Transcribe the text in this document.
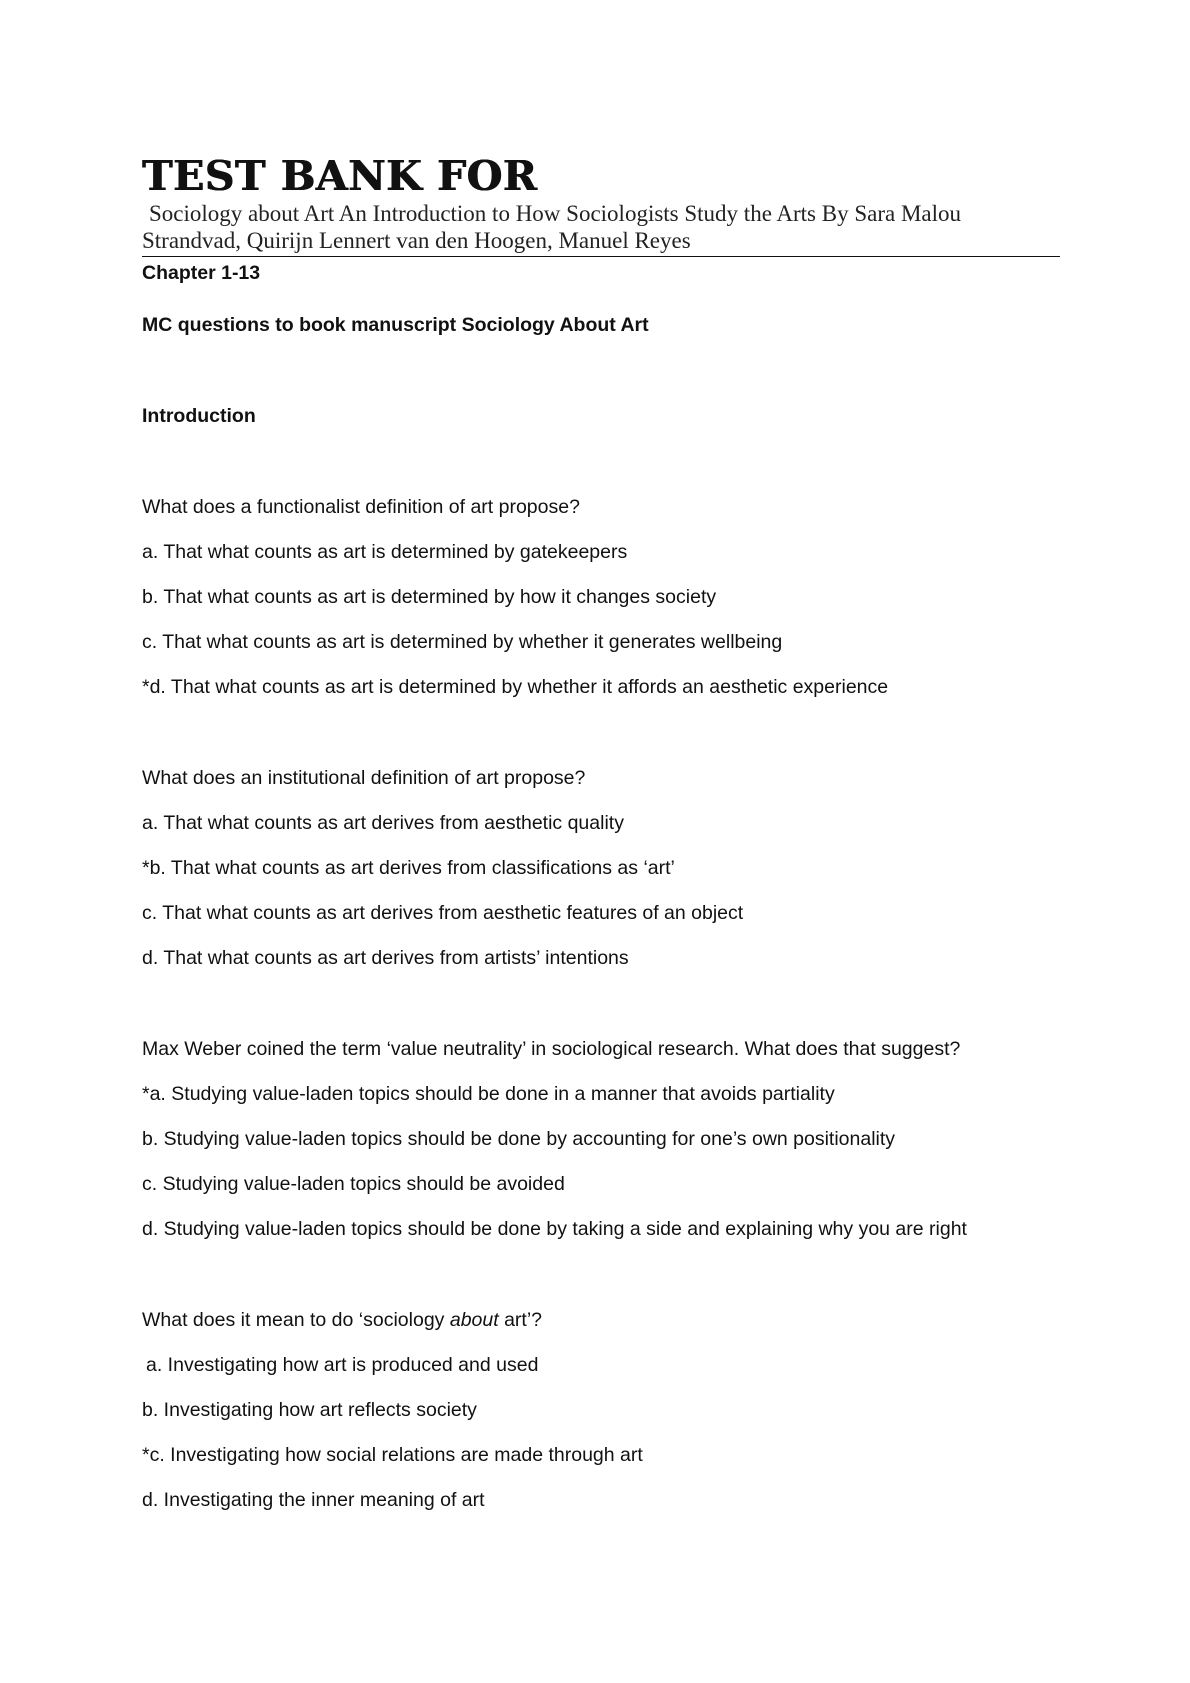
TEST BANK FOR
Sociology about Art An Introduction to How Sociologists Study the Arts By Sara Malou
Strandvad, Quirijn Lennert van den Hoogen, Manuel Reyes
Chapter 1-13
MC questions to book manuscript Sociology About Art
Introduction
What does a functionalist definition of art propose?
a. That what counts as art is determined by gatekeepers
b. That what counts as art is determined by how it changes society
c. That what counts as art is determined by whether it generates wellbeing
*d. That what counts as art is determined by whether it affords an aesthetic experience
What does an institutional definition of art propose?
a. That what counts as art derives from aesthetic quality
*b. That what counts as art derives from classifications as ‘art’
c. That what counts as art derives from aesthetic features of an object
d. That what counts as art derives from artists’ intentions
Max Weber coined the term ‘value neutrality’ in sociological research. What does that suggest?
*a. Studying value-laden topics should be done in a manner that avoids partiality
b. Studying value-laden topics should be done by accounting for one’s own positionality
c. Studying value-laden topics should be avoided
d. Studying value-laden topics should be done by taking a side and explaining why you are right
What does it mean to do ‘sociology about art’?
a. Investigating how art is produced and used
b. Investigating how art reflects society
*c. Investigating how social relations are made through art
d. Investigating the inner meaning of art
